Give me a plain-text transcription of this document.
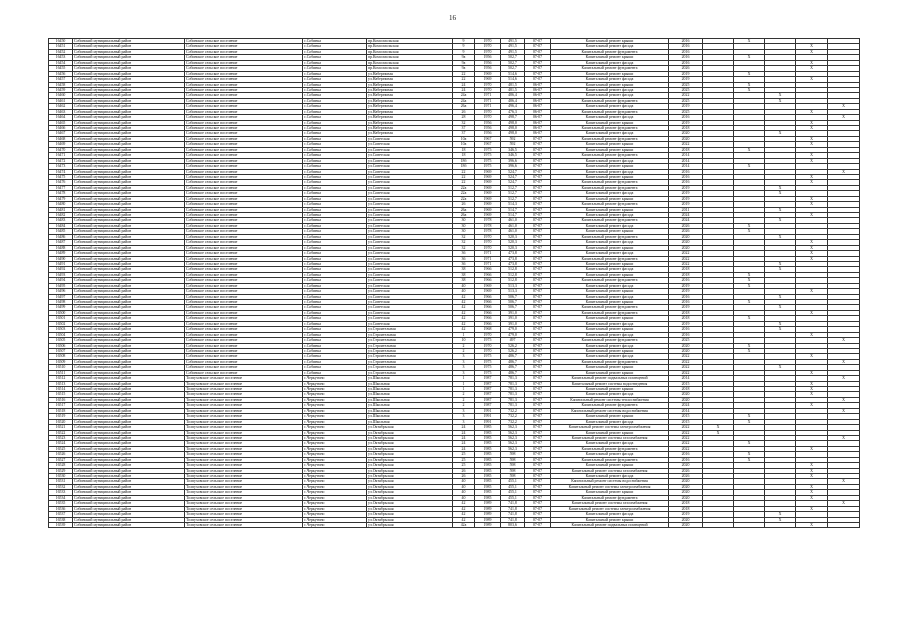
16
16450	Собинский муниципальный район	Собинское сельское поселение	с.Cобинка	пр.Комсомольская	9	1970	491,5	07-07	Капитальный ремонт крыши	2016		X			
16451	Собинский муниципальный район	Собинское сельское поселение	с.Cобинка	пр.Комсомольская	9	1970	491,5	07-07	Капитальный ремонт фасада	2016				X	
16452	Собинский муниципальный район	Собинское сельское поселение	с.Cобинка	пр.Комсомольская	9	1970	491,5	07-07	Капитальный ремонт фундамента	2016				X	
16453	Собинский муниципальный район	Собинское сельское поселение	с.Cобинка	пр.Комсомольская	9а	1956	502,7	07-07	Капитальный ремонт крыши	2016		X			
16454	Собинский муниципальный район	Собинское сельское поселение	с.Cобинка	пр.Комсомольская	9а	1956	502,7	07-07	Капитальный ремонт фасада	2016				X	
16455	Собинский муниципальный район	Собинское сельское поселение	с.Cобинка	пр.Комсомольская	9а	1956	502,7	07-07	Капитальный ремонт фундамента	2026				X	
16456	Собинский муниципальный район	Собинское сельское поселение	с.Cобинка	ул.Набережная	22	1969	514,6	07-07	Капитальный ремонт крыши	2019		X			
16457	Собинский муниципальный район	Собинское сельское поселение	с.Cобинка	ул.Набережная	22	1969	514,6	07-07	Капитальный ремонт фасада	2019				X	
16458	Собинский муниципальный район	Собинское сельское поселение	с.Cобинка	ул.Набережная	24	1970	481,5	06-07	Капитальный ремонт крыши	2025		X			
16459	Собинский муниципальный район	Собинское сельское поселение	с.Cобинка	ул.Набережная	24	1970	481,5	06-07	Капитальный ремонт фасада	2025		X			
16460	Собинский муниципальный район	Собинское сельское поселение	с.Cобинка	ул.Набережная	24а	1971	486,4	06-07	Капитальный ремонт фасада	2022			X		
16461	Собинский муниципальный район	Собинское сельское поселение	с.Cобинка	ул.Набережная	24а	1971	486,4	06-07	Капитальный ремонт фундамента	2025			X		
16462	Собинский муниципальный район	Собинское сельское поселение	с.Cобинка	ул.Набережная	26а	1971	496,4	06-07	Капитальный ремонт фасада	2019					X
16463	Собинский муниципальный район	Собинское сельское поселение	с.Cобинка	ул.Набережная	26	1970	476,3	06-07	Капитальный ремонт фундамента	2025				X	
16464	Собинский муниципальный район	Собинское сельское поселение	с.Cобинка	ул.Набережная	28	1970	498,7	06-07	Капитальный ремонт фасада	2016					X
16465	Собинский муниципальный район	Собинское сельское поселение	с.Cобинка	ул.Набережная	32	1956	498,0	06-07	Капитальный ремонт крыши	2019				X	
16466	Собинский муниципальный район	Собинское сельское поселение	с.Cобинка	ул.Набережная	37	1956	498,0	06-07	Капитальный ремонт фундамента	2018				X	
16467	Собинский муниципальный район	Собинское сельское поселение	с.Cобинка	ул.Набережная	37	1956	498,0	06-07	Капитальный ремонт фасада	2020			X		
16468	Собинский муниципальный район	Собинское сельское поселение	с.Cобинка	ул.Советская	10а	1967	592	07-07	Капитальный ремонт фундамента	2020				X	
16469	Собинский муниципальный район	Собинское сельское поселение	с.Cобинка	ул.Советская	10а	1967	592	07-07	Капитальный ремонт крыши	2022				X	
16470	Собинский муниципальный район	Собинское сельское поселение	с.Cобинка	ул.Советская	18	1975	346,5	07-07	Капитальный ремонт крыши	2018		X			
16471	Собинский муниципальный район	Собинское сельское поселение	с.Cобинка	ул.Советская	18	1975	346,5	07-07	Капитальный ремонт фундамента	2014				X	
16472	Собинский муниципальный район	Собинское сельское поселение	с.Cобинка	ул.Советская	18б	1975	396,6	07-07	Капитальный ремонт фасада	2014				X	
16473	Собинский муниципальный район	Собинское сельское поселение	с.Cобинка	ул.Советская	18б	1975	396,6	07-07	Капитальный ремонт крыши	2014		X			
16474	Собинский муниципальный район	Собинское сельское поселение	с.Cобинка	ул.Советская	22	1969	524,7	07-07	Капитальный ремонт фасада	2016					X
16475	Собинский муниципальный район	Собинское сельское поселение	с.Cобинка	ул.Советская	22	1969	524,7	07-07	Капитальный ремонт крыши	2016				X	
16476	Собинский муниципальный район	Собинское сельское поселение	с.Cобинка	ул.Советская	22	1969	524,7	07-07	Капитальный ремонт фундамента	2016				X	
16477	Собинский муниципальный район	Собинское сельское поселение	с.Cобинка	ул.Советская	22а	1969	512,7	07-07	Капитальный ремонт фундамента	2019			X		
16478	Собинский муниципальный район	Собинское сельское поселение	с.Cобинка	ул.Советская	22а	1969	512,7	07-07	Капитальный ремонт фасада	2019			X		
16479	Собинский муниципальный район	Собинское сельское поселение	с.Cобинка	ул.Советская	22а	1969	512,7	07-07	Капитальный ремонт крыши	2019				X	
16480	Собинский муниципальный район	Собинское сельское поселение	с.Cобинка	ул.Советская	26	1969	514,3	07-07	Капитальный ремонт фундамента	2019				X	
16481	Собинский муниципальный район	Собинское сельское поселение	с.Cобинка	ул.Советская	26а	1969	514,7	07-07	Капитальный ремонт крыши	2011			X		
16482	Собинский муниципальный район	Собинское сельское поселение	с.Cобинка	ул.Советская	26а	1969	514,7	07-07	Капитальный ремонт фасада	2024				X	
16483	Собинский муниципальный район	Собинское сельское поселение	с.Cобинка	ул.Советская	30	1978	461,0	07-07	Капитальный ремонт фундамента	2024			X		
16484	Собинский муниципальный район	Собинское сельское поселение	с.Cобинка	ул.Советская	30	1978	461,0	07-07	Капитальный ремонт фасада	2026		X			
16485	Собинский муниципальный район	Собинское сельское поселение	с.Cобинка	ул.Советская	30	1978	461,0	07-07	Капитальный ремонт крыши	2026		X			
16486	Собинский муниципальный район	Собинское сельское поселение	с.Cобинка	ул.Советская	32	1970	520,3	07-07	Капитальный ремонт фундамента	2020			X		
16487	Собинский муниципальный район	Собинское сельское поселение	с.Cобинка	ул.Советская	32	1970	520,3	07-07	Капитальный ремонт фасада	2020				X	
16488	Собинский муниципальный район	Собинское сельское поселение	с.Cобинка	ул.Советская	32	1970	520,3	07-07	Капитальный ремонт крыши	2020				X	
16489	Собинский муниципальный район	Собинское сельское поселение	с.Cобинка	ул.Советская	36	1971	473,8	07-07	Капитальный ремонт фасада	2022				X	
16490	Собинский муниципальный район	Собинское сельское поселение	с.Cобинка	ул.Советская	36	1971	473,8	07-07	Капитальный ремонт фундамента	2022				X	
16491	Собинский муниципальный район	Собинское сельское поселение	с.Cобинка	ул.Советская	36	1971	473,8	07-07	Капитальный ремонт крыши	2022			X		
16492	Собинский муниципальный район	Собинское сельское поселение	с.Cобинка	ул.Советская	38	1966	512,8	07-07	Капитальный ремонт фасада	2018			X		
16493	Собинский муниципальный район	Собинское сельское поселение	с.Cобинка	ул.Советская	38	1966	512,8	07-07	Капитальный ремонт крыши	2018		X			
16494	Собинский муниципальный район	Собинское сельское поселение	с.Cобинка	ул.Советская	38	1966	512,8	07-07	Капитальный ремонт фундамента	2016		X			
16495	Собинский муниципальный район	Собинское сельское поселение	с.Cобинка	ул.Советская	40	1969	513,3	07-07	Капитальный ремонт фасада	2019		X			
16496	Собинский муниципальный район	Собинское сельское поселение	с.Cобинка	ул.Советская	40	1969	513,3	07-07	Капитальный ремонт крыши	2019				X	
16497	Собинский муниципальный район	Собинское сельское поселение	с.Cобинка	ул.Советская	42	1966	506,7	07-07	Капитальный ремонт фасада	2016			X		
16498	Собинский муниципальный район	Собинское сельское поселение	с.Cобинка	ул.Советская	42	1966	506,7	07-07	Капитальный ремонт крыши	2016		X			
16499	Собинский муниципальный район	Собинское сельское поселение	с.Cобинка	ул.Советская	42	1966	506,7	07-07	Капитальный ремонт фундамента	2019			X		
16500	Собинский муниципальный район	Собинское сельское поселение	с.Cобинка	ул.Советская	42	1966	391,0	07-07	Капитальный ремонт фундамента	2018				X	
16501	Собинский муниципальный район	Собинское сельское поселение	с.Cобинка	ул.Советская	42	1966	391,0	07-07	Капитальный ремонт крыши	2018		X			
16502	Собинский муниципальный район	Собинское сельское поселение	с.Cобинка	ул.Советская	42	1966	391,0	07-07	Капитальный ремонт фасада	2019			X		
16503	Собинский муниципальный район	Собинское сельское поселение	с.Cобинка	ул.Строительная	42	1968	479,0	07-07	Капитальный ремонт крыши	2016			X		
16504	Собинский муниципальный район	Собинское сельское поселение	с.Cобинка	ул.Строительная	1	1970	479,0	07-07	Капитальный ремонт фасада	2016				X	
16505	Собинский муниципальный район	Собинское сельское поселение	с.Cобинка	ул.Строительная	10	1975	497	07-07	Капитальный ремонт фундамента	2025					X
16506	Собинский муниципальный район	Собинское сельское поселение	с.Cобинка	ул.Строительная	2	1970	526,2	07-07	Капитальный ремонт фасада	2020		X			
16507	Собинский муниципальный район	Собинское сельское поселение	с.Cобинка	ул.Строительная	2	1970	526,2	07-07	Капитальный ремонт крыши	2020		X			
16508	Собинский муниципальный район	Собинское сельское поселение	с.Cобинка	ул.Строительная	3	1975	486,7	07-07	Капитальный ремонт фасада	2022				X	
16509	Собинский муниципальный район	Собинское сельское поселение	с.Cобинка	ул.Строительная	3	1975	486,7	07-07	Капитальный ремонт фундамента	2022					X
16510	Собинский муниципальный район	Собинское сельское поселение	с.Cобинка	ул.Строительная	3	1975	486,7	07-07	Капитальный ремонт крыши	2022			X		
16511	Собинский муниципальный район	Собинское сельское поселение	с.Cобинка	ул.Строительная	3	1975	486,7	07-07	Капитальный ремонт крыши	2022				X	
16512	Собинский муниципальный район	Толпуховское сельское поселение	с.Черкутино	ул.Школьная	1	1987	781,3	07-07	Капитальный ремонт подвальных помещений	2014					X
16513	Собинский муниципальный район	Толпуховское сельское поселение	с.Черкутино	ул.Школьная	1	1987	781,3	07-07	Капитальный ремонт системы водоотведения	2015				X	
16514	Собинский муниципальный район	Толпуховское сельское поселение	с.Черкутино	ул.Школьная	1	1987	781,3	07-07	Капитальный ремонт крыши	2018				X	
16515	Собинский муниципальный район	Толпуховское сельское поселение	с.Черкутино	ул.Школьная	2	1987	781,3	07-07	Капитальный ремонт фасада	2020				X	
16516	Собинский муниципальный район	Толпуховское сельское поселение	с.Черкутино	ул.Школьная	2	1987	781,3	07-07	Капитальный ремонт системы теплоснабжения	2020					X
16517	Собинский муниципальный район	Толпуховское сельское поселение	с.Черкутино	ул.Школьная	2	1987	781,3	07-07	Капитальный ремонт фундамента	2024				X	
16518	Собинский муниципальный район	Толпуховское сельское поселение	с.Черкутино	ул.Школьная	3	1991	732,2	07-07	Капитальный ремонт системы водоснабжения	2014					X
16519	Собинский муниципальный район	Толпуховское сельское поселение	с.Черкутино	ул.Школьная	3	1991	732,2	07-07	Капитальный ремонт крыши	2015		X			
16520	Собинский муниципальный район	Толпуховское сельское поселение	с.Черкутино	ул.Школьная	3	1991	732,2	07-07	Капитальный ремонт фасада	2015		X			
16521	Собинский муниципальный район	Толпуховское сельское поселение	с.Черкутино	ул.Октябрьская	24	1985	562,3	07-07	Капитальный ремонт системы электроснабжения	2022	X				
16522	Собинский муниципальный район	Толпуховское сельское поселение	с.Черкутино	ул.Октябрьская	24	1985	562,3	07-07	Капитальный ремонт крыши	2022	X				
16523	Собинский муниципальный район	Толпуховское сельское поселение	с.Черкутино	ул.Октябрьская	24	1985	562,3	07-07	Капитальный ремонт системы газоснабжения	2022					X
16524	Собинский муниципальный район	Толпуховское сельское поселение	с.Черкутино	ул.Октябрьская	24	1985	562,3	07-07	Капитальный ремонт фасада	2022		X			
16525	Собинский муниципальный район	Толпуховское сельское поселение	с.Черкутино	ул.Октябрьская	24	1985	562,3	07-07	Капитальный ремонт фундамента	2022				X	
16526	Собинский муниципальный район	Толпуховское сельское поселение	с.Черкутино	ул.Октябрьская	25	1985	598	07-07	Капитальный ремонт фасада	2016		X			
16527	Собинский муниципальный район	Толпуховское сельское поселение	с.Черкутино	ул.Октябрьская	25	1985	598	07-07	Капитальный ремонт фундамента	2016		X			
16528	Собинский муниципальный район	Толпуховское сельское поселение	с.Черкутино	ул.Октябрьская	25	1985	598	07-07	Капитальный ремонт крыши	2020				X	
16529	Собинский муниципальный район	Толпуховское сельское поселение	с.Черкутино	ул.Октябрьская	26	1985	598	07-07	Капитальный ремонт системы газоснабжения	2026				X	
16530	Собинский муниципальный район	Толпуховское сельское поселение	с.Черкутино	ул.Октябрьская	26	1985	598	07-07	Капитальный ремонт фасада	2026				X	
16531	Собинский муниципальный район	Толпуховское сельское поселение	с.Черкутино	ул.Октябрьская	40	1985	455,1	07-07	Капитальный ремонт системы водоснабжения	2020					X
16532	Собинский муниципальный район	Толпуховское сельское поселение	с.Черкутино	ул.Октябрьская	40	1985	455,1	07-07	Капитальный ремонт системы электроснабжения	2020				X	
16533	Собинский муниципальный район	Толпуховское сельское поселение	с.Черкутино	ул.Октябрьская	40	1985	455,1	07-07	Капитальный ремонт крыши	2020				X	
16534	Собинский муниципальный район	Толпуховское сельское поселение	с.Черкутино	ул.Октябрьская	40	1985	455,1	07-07	Капитальный ремонт фундамента	2020				X	
16535	Собинский муниципальный район	Толпуховское сельское поселение	с.Черкутино	ул.Октябрьская	42	1989	741,8	07-07	Капитальный ремонт системы газоснабжения	2018					X
16536	Собинский муниципальный район	Толпуховское сельское поселение	с.Черкутино	ул.Октябрьская	42	1989	741,8	07-07	Капитальный ремонт системы электроснабжения	2018				X	
16537	Собинский муниципальный район	Толпуховское сельское поселение	с.Черкутино	ул.Октябрьская	42	1989	741,8	07-07	Капитальный ремонт фасада	2019			X		
16538	Собинский муниципальный район	Толпуховское сельское поселение	с.Черкутино	ул.Октябрьская	42	1989	741,8	07-07	Капитальный ремонт крыши	2020			X		
16539	Собинский муниципальный район	Толпуховское сельское поселение	с.Черкутино	ул.Октябрьская	42а	1989	803,6	07-07	Капитальный ремонт подвальных помещений	2020				X	
